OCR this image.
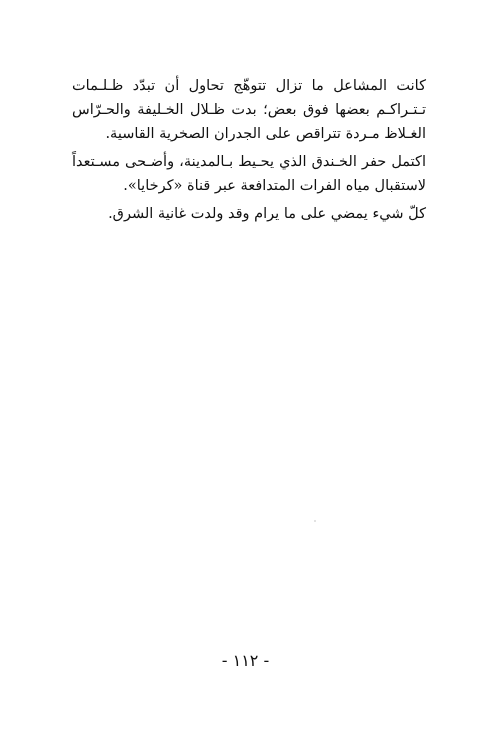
كانت المشاعل ما تزال تتوهّج تحاول أن تبدّد ظـلـمات تـتـراكـم بعضها فوق بعض؛ بدت ظـلال الخـليفة والحـرّاس الغـلاظ مـردة تتراقص على الجدران الصخرية القاسية.

اكتمل حفر الخـندق الذي يحـيط بـالمدينة، وأضـحى مسـتعداً لاستقبال مياه الفرات المتدافعة عبر قناة «كرخايا».

كلّ شيء يمضي على ما يرام وقد ولدت غانية الشرق.

- ١١٢ -
